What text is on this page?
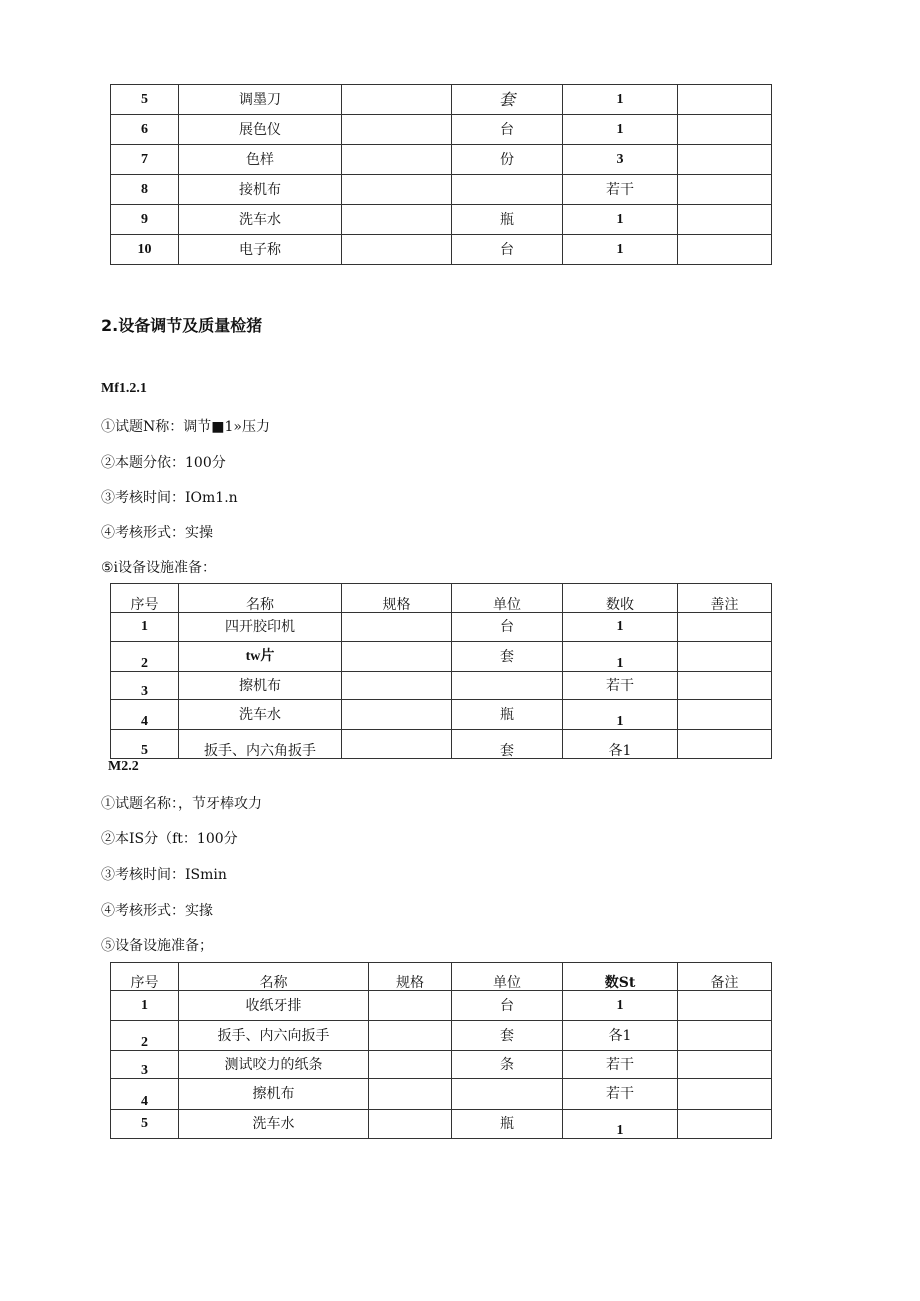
5	调墨刀		套	1	
6	展色仪		台	1	
7	色样		份	3	
8	接机布			若干	
9	洗车水		瓶	1	
10	电子称		台	1	
2.设备调节及质量检猪
Mf1.2.1
①试题N称：调节■1»压力
②本题分依：100分
③考核时间：IOm1.n
④考核形式：实操
⑤i设备设施准备：
序号	名称	规格	单位	数收	善注
1	四开胶印机		台	1	
2	tw片		套	1	
3	擦机布			若干	
4	洗车水		瓶	1	
5	扳手、内六角扳手		套	各1	
M2.2
①试题名称：，节牙棒攻力
②本IS分（ft：100分
③考核时间：ISmin
④考核形式：实掾
⑤设备设施准备；
序号	名称	规格	单位	数St	备注
1	收纸牙排		台	1	
2	扳手、内六向扳手		套	各1	
3	测试咬力的纸条		条	若干	
4	擦机布			若干	
5	洗车水		瓶	1	
